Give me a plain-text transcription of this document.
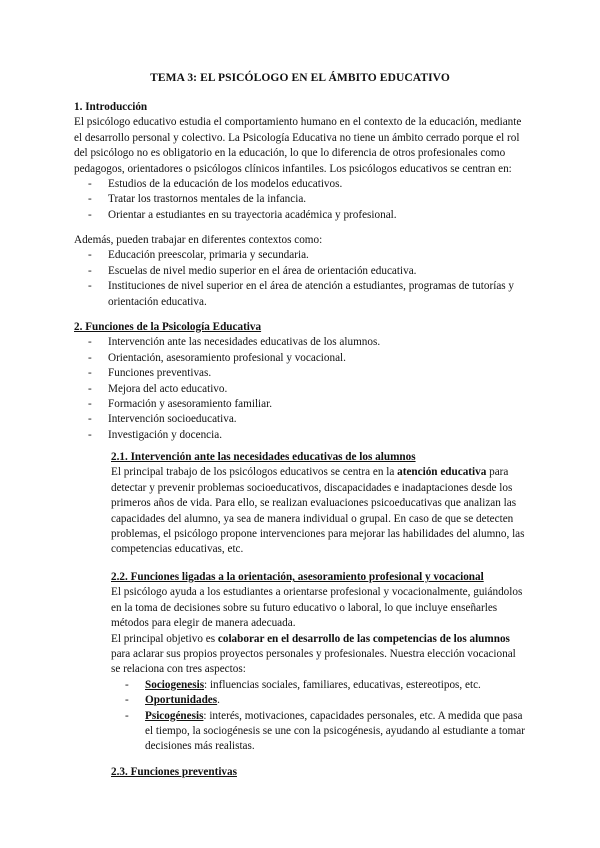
TEMA 3: EL PSICÓLOGO EN EL ÁMBITO EDUCATIVO

1. Introducción

El psicólogo educativo estudia el comportamiento humano en el contexto de la educación, mediante el desarrollo personal y colectivo. La Psicología Educativa no tiene un ámbito cerrado porque el rol del psicólogo no es obligatorio en la educación, lo que lo diferencia de otros profesionales como pedagogos, orientadores o psicólogos clínicos infantiles. Los psicólogos educativos se centran en:

- Estudios de la educación de los modelos educativos.
- Tratar los trastornos mentales de la infancia.
- Orientar a estudiantes en su trayectoria académica y profesional.

Además, pueden trabajar en diferentes contextos como:

- Educación preescolar, primaria y secundaria.
- Escuelas de nivel medio superior en el área de orientación educativa.
- Instituciones de nivel superior en el área de atención a estudiantes, programas de tutorías y orientación educativa.

2. Funciones de la Psicología Educativa

- Intervención ante las necesidades educativas de los alumnos.
- Orientación, asesoramiento profesional y vocacional.
- Funciones preventivas.
- Mejora del acto educativo.
- Formación y asesoramiento familiar.
- Intervención socioeducativa.
- Investigación y docencia.

2.1. Intervención ante las necesidades educativas de los alumnos

El principal trabajo de los psicólogos educativos se centra en la atención educativa para detectar y prevenir problemas socioeducativos, discapacidades e inadaptaciones desde los primeros años de vida. Para ello, se realizan evaluaciones psicoeducativas que analizan las capacidades del alumno, ya sea de manera individual o grupal. En caso de que se detecten problemas, el psicólogo propone intervenciones para mejorar las habilidades del alumno, las competencias educativas, etc.

2.2. Funciones ligadas a la orientación, asesoramiento profesional y vocacional

El psicólogo ayuda a los estudiantes a orientarse profesional y vocacionalmente, guiándolos en la toma de decisiones sobre su futuro educativo o laboral, lo que incluye enseñarles métodos para elegir de manera adecuada.

El principal objetivo es colaborar en el desarrollo de las competencias de los alumnos para aclarar sus propios proyectos personales y profesionales. Nuestra elección vocacional se relaciona con tres aspectos:

- Sociogenesis: influencias sociales, familiares, educativas, estereotipos, etc.
- Oportunidades.
- Psicogénesis: interés, motivaciones, capacidades personales, etc. A medida que pasa el tiempo, la sociogénesis se une con la psicogénesis, ayudando al estudiante a tomar decisiones más realistas.

2.3. Funciones preventivas
